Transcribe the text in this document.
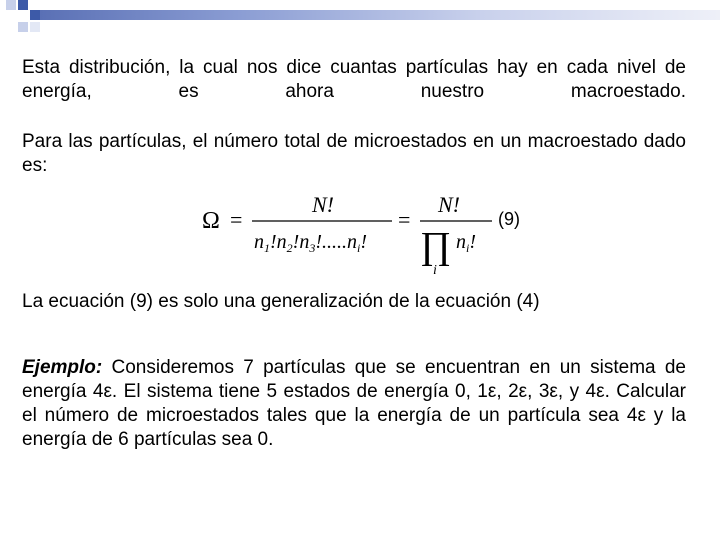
Esta distribución, la cual nos dice cuantas partículas hay en cada nivel de energía, es ahora nuestro macroestado.

Para las partículas, el número total de microestados en un macroestado dado es:

Ω =
N!
$n_1!n_2!n_3!.....n_i$!
=
N!
∏ $n_i$!
i
(9)

La ecuación (9) es solo una generalización de la ecuación (4)

Ejemplo: Consideremos 7 partículas que se encuentran en un sistema de energía 4ε. El sistema tiene 5 estados de energía 0, 1ε, 2ε, 3ε, y 4ε. Calcular el número de microestados tales que la energía de un partícula sea 4ε y la energía de 6 partículas sea 0.
